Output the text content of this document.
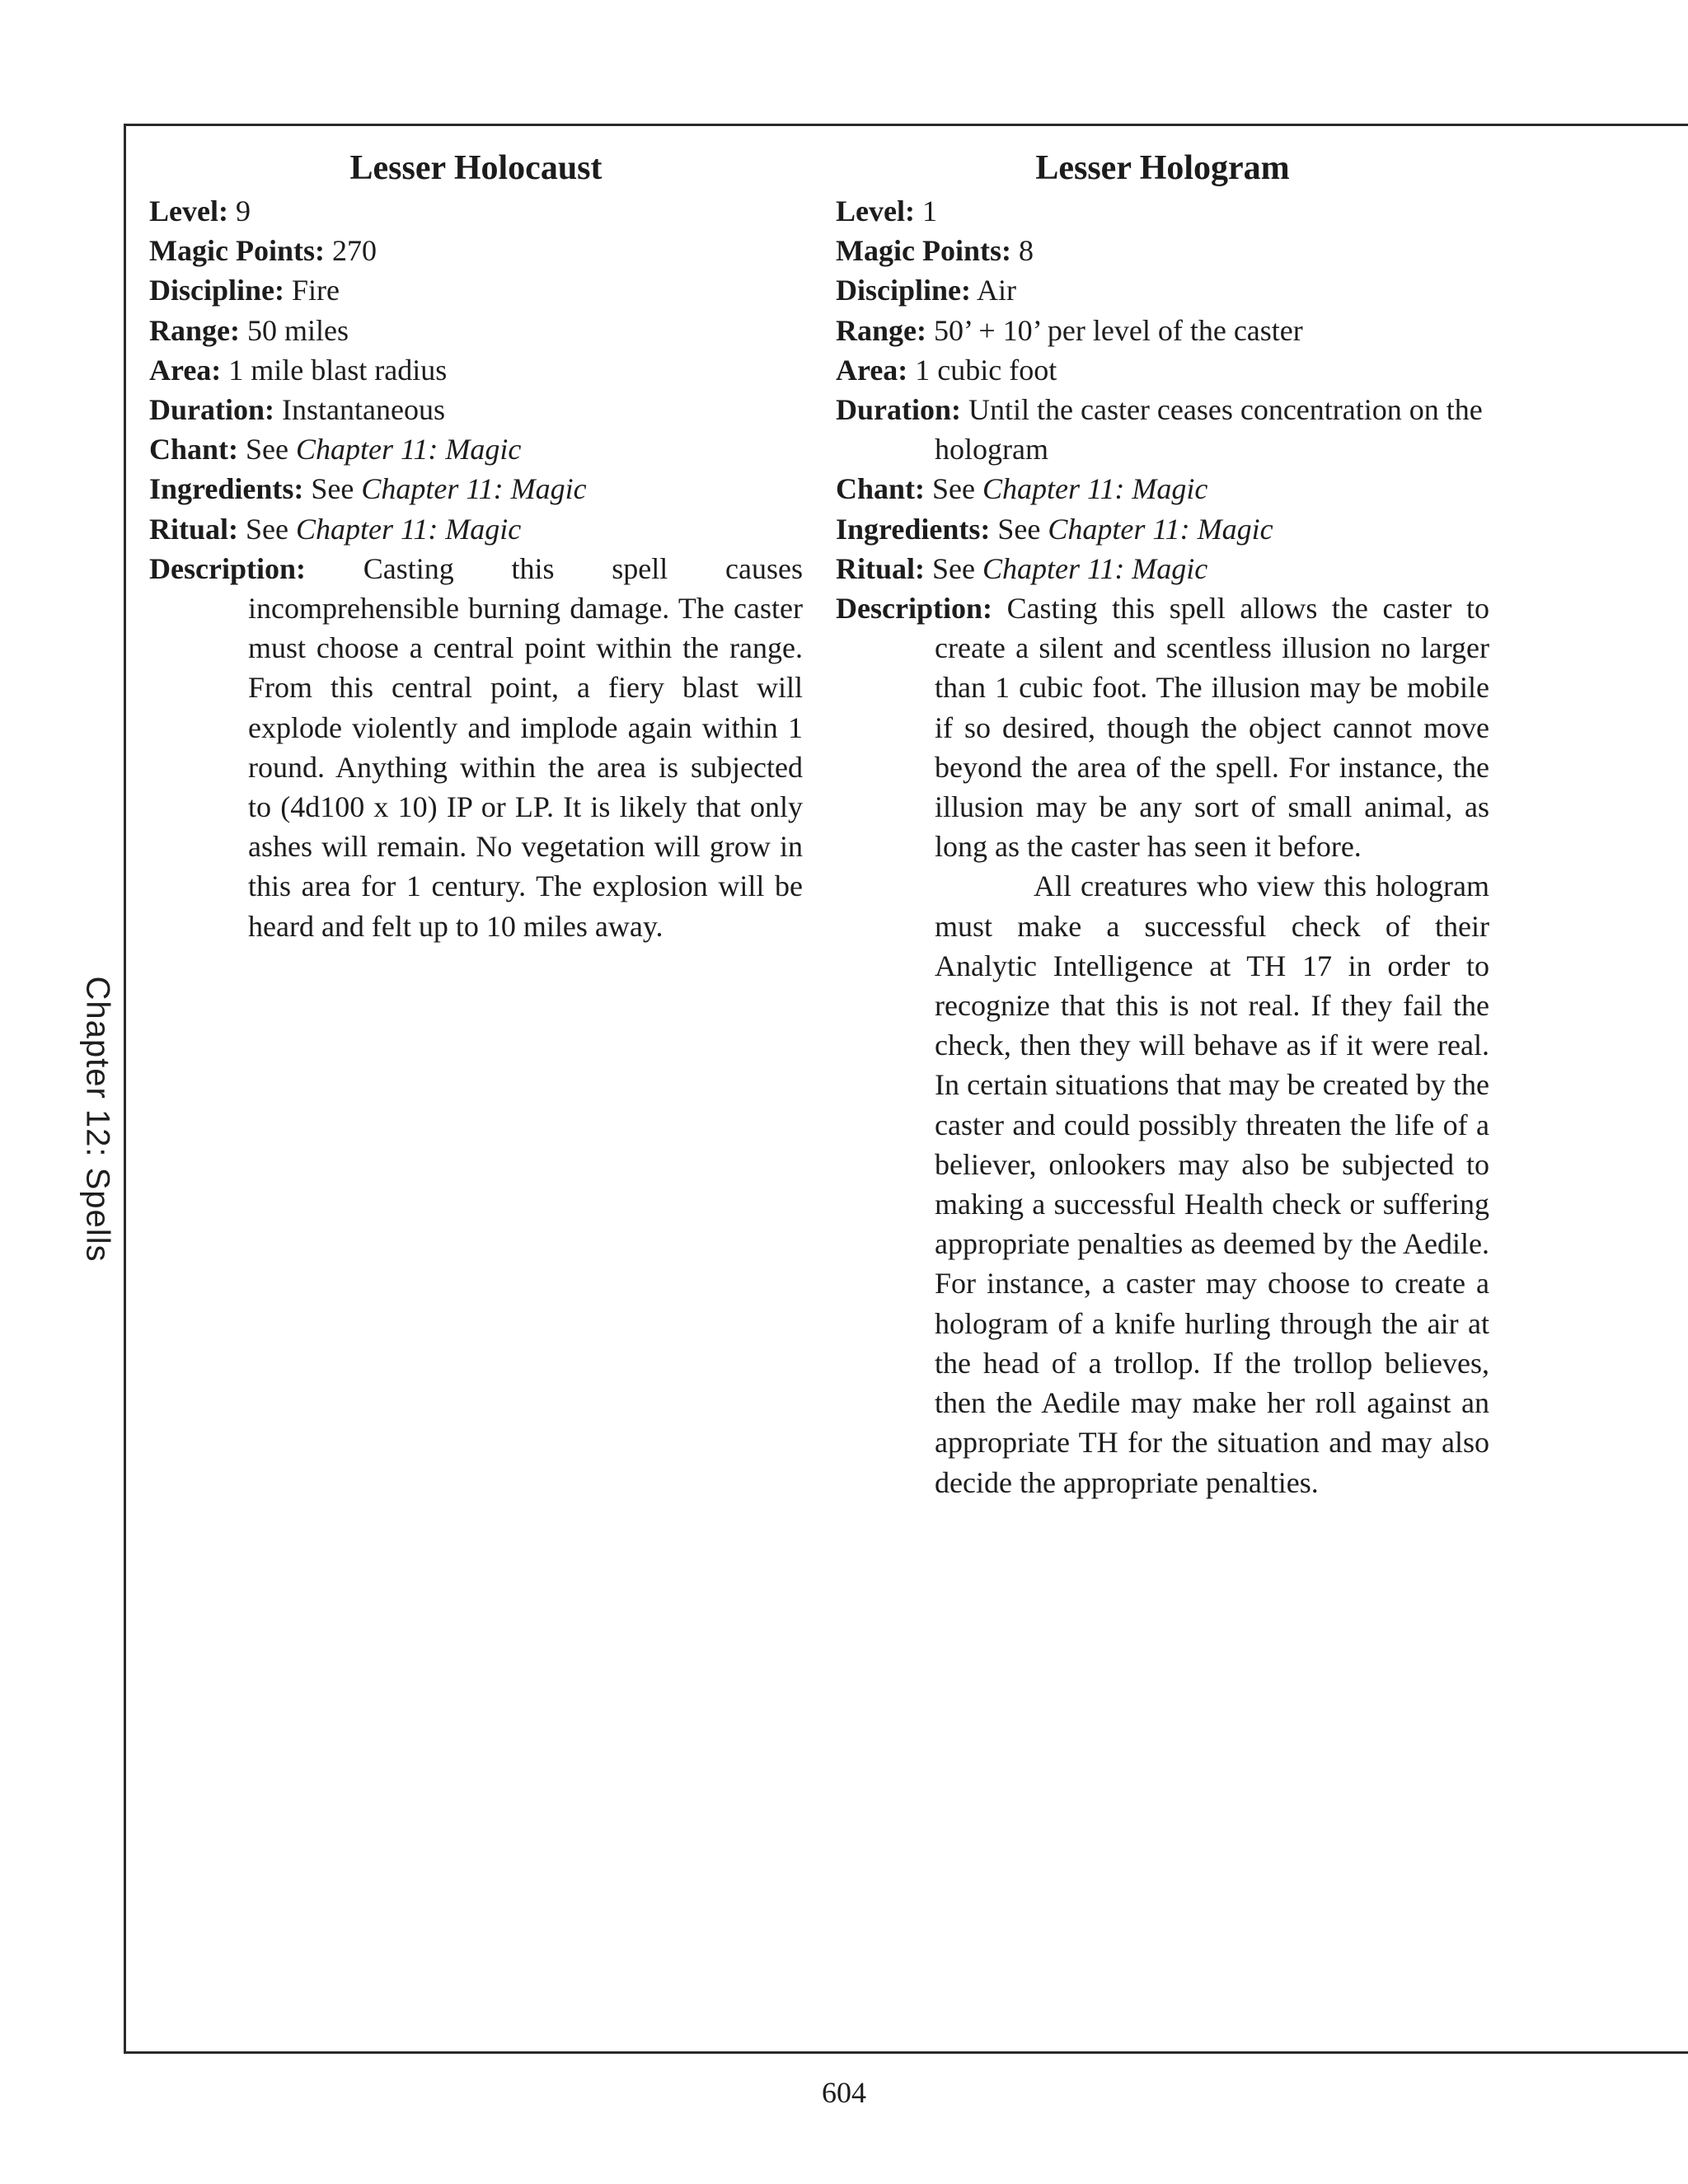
Chapter 12: Spells
Lesser Holocaust

Level: 9

Magic Points: 270

Discipline: Fire

Range: 50 miles

Area: 1 mile blast radius

Duration: Instantaneous

Chant: See Chapter 11: Magic

Ingredients: See Chapter 11: Magic

Ritual: See Chapter 11: Magic

Description: Casting this spell causes incomprehensible burning damage. The caster must choose a central point within the range. From this central point, a fiery blast will explode violently and implode again within 1 round. Anything within the area is subjected to (4d100 x 10) IP or LP. It is likely that only ashes will remain. No vegetation will grow in this area for 1 century. The explosion will be heard and felt up to 10 miles away.

Lesser Hologram

Level: 1

Magic Points: 8

Discipline: Air

Range: 50’ + 10’ per level of the caster

Area: 1 cubic foot

Duration: Until the caster ceases concentration on the hologram

Chant: See Chapter 11: Magic

Ingredients: See Chapter 11: Magic

Ritual: See Chapter 11: Magic

Description: Casting this spell allows the caster to create a silent and scentless illusion no larger than 1 cubic foot. The illusion may be mobile if so desired, though the object cannot move beyond the area of the spell. For instance, the illusion may be any sort of small animal, as long as the caster has seen it before.

All creatures who view this hologram must make a successful check of their Analytic Intelligence at TH 17 in order to recognize that this is not real. If they fail the check, then they will behave as if it were real. In certain situations that may be created by the caster and could possibly threaten the life of a believer, onlookers may also be subjected to making a successful Health check or suffering appropriate penalties as deemed by the Aedile. For instance, a caster may choose to create a hologram of a knife hurling through the air at the head of a trollop. If the trollop believes, then the Aedile may make her roll against an appropriate TH for the situation and may also decide the appropriate penalties.

604
